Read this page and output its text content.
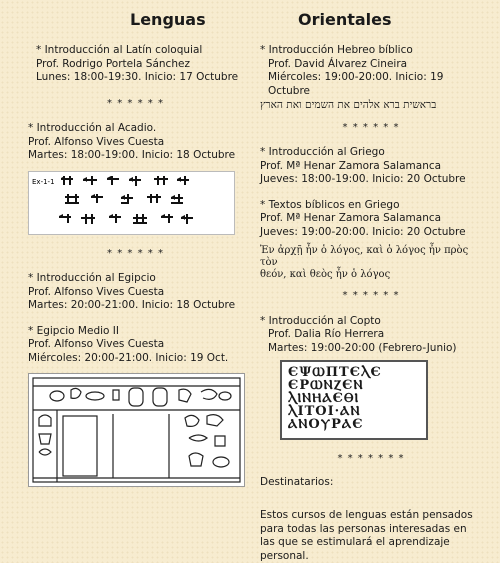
Lenguas	Orientales
* Introducción al Latín coloquial
Prof. Rodrigo Portela Sánchez
Lunes: 18:00-19:30. Inicio: 17 Octubre
* * * * * *
* Introducción al Acadio.
Prof. Alfonso Vives Cuesta
Martes: 18:00-19:00. Inicio: 18 Octubre
Ex-1-1
* * * * * *
* Introducción al Egipcio
Prof. Alfonso Vives Cuesta
Martes: 20:00-21:00. Inicio: 18 Octubre
* Egipcio Medio II
Prof. Alfonso Vives Cuesta
Miércoles: 20:00-21:00. Inicio: 19 Oct.
* Introducción Hebreo bíblico
Prof. David Álvarez Cineira
Miércoles: 19:00-20:00. Inicio: 19 Octubre
בראשית ברא אלהים את השמים ואת הארץ
* * * * * *
* Introducción al Griego
Prof. Mª Henar Zamora Salamanca
Jueves: 18:00-19:00. Inicio: 20 Octubre
* Textos bíblicos en Griego
Prof. Mª Henar Zamora Salamanca
Jueves: 19:00-20:00. Inicio: 20 Octubre
Ἐν ἀρχῇ ἦν ὁ λόγος, καὶ ὁ λόγος ἦν πρὸς τὸν
θεόν, καὶ θεὸς ἦν ὁ λόγος
* * * * * *
* Introducción al Copto
Prof. Dalia Río Herrera
Martes: 19:00-20:00 (Febrero-Junio)
ЄΨⲰΠΤЄⲖЄ
ЄΡⲰⲚⲌЄⲚ
ⲖⲒⲚⲎⲀЄⲐⲒ
ⲖΙΤΟΙ·ⲀⲚ
ⲀⲚΟⲨΡⲀЄ
* * * * * * *
Destinatarios:
Estos cursos de lenguas están pensados para todas las personas interesadas en las que se estimulará el aprendizaje personal.
